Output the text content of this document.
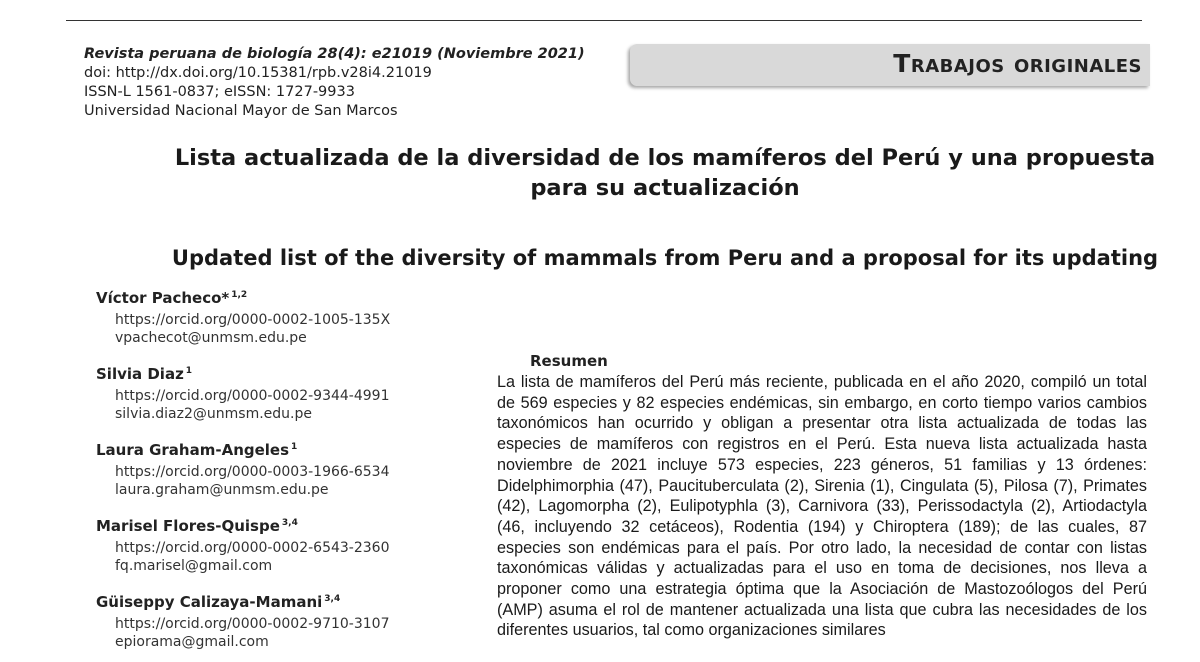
Revista peruana de biología 28(4): e21019 (Noviembre 2021)
doi: http://dx.doi.org/10.15381/rpb.v28i4.21019
ISSN-L 1561-0837; eISSN: 1727-9933
Universidad Nacional Mayor de San Marcos
Trabajos originales
Lista actualizada de la diversidad de los mamíferos del Perú y una propuesta para su actualización
Updated list of the diversity of mammals from Peru and a proposal for its updating
Víctor Pacheco* $^{1,2}$
https://orcid.org/0000-0002-1005-135X
vpachecot@unmsm.edu.pe
Silvia Diaz $^1$
https://orcid.org/0000-0002-9344-4991
silvia.diaz2@unmsm.edu.pe
Laura Graham-Angeles $^1$
https://orcid.org/0000-0003-1966-6534
laura.graham@unmsm.edu.pe
Marisel Flores-Quispe $^{3,4}$
https://orcid.org/0000-0002-6543-2360
fq.marisel@gmail.com
Güiseppy Calizaya-Mamani $^{3,4}$
https://orcid.org/0000-0002-9710-3107
epiorama@gmail.com
Resumen
La lista de mamíferos del Perú más reciente, publicada en el año 2020, compiló un total de 569 especies y 82 especies endémicas, sin embargo, en corto tiempo varios cambios taxonómicos han ocurrido y obligan a presentar otra lista actualizada de todas las especies de mamíferos con registros en el Perú. Esta nueva lista actualizada hasta noviembre de 2021 incluye 573 especies, 223 géneros, 51 familias y 13 órdenes: Didelphimorphia (47), Paucituberculata (2), Sirenia (1), Cingulata (5), Pilosa (7), Primates (42), Lagomorpha (2), Eulipotyphla (3), Carnivora (33), Perissodactyla (2), Artiodactyla (46, incluyendo 32 cetáceos), Rodentia (194) y Chiroptera (189); de las cuales, 87 especies son endémicas para el país. Por otro lado, la necesidad de contar con listas taxonómicas válidas y actualizadas para el uso en toma de decisiones, nos lleva a proponer como una estrategia óptima que la Asociación de Mastozoólogos del Perú (AMP) asuma el rol de mantener actualizada una lista que cubra las necesidades de los diferentes usuarios, tal como organizaciones similares
